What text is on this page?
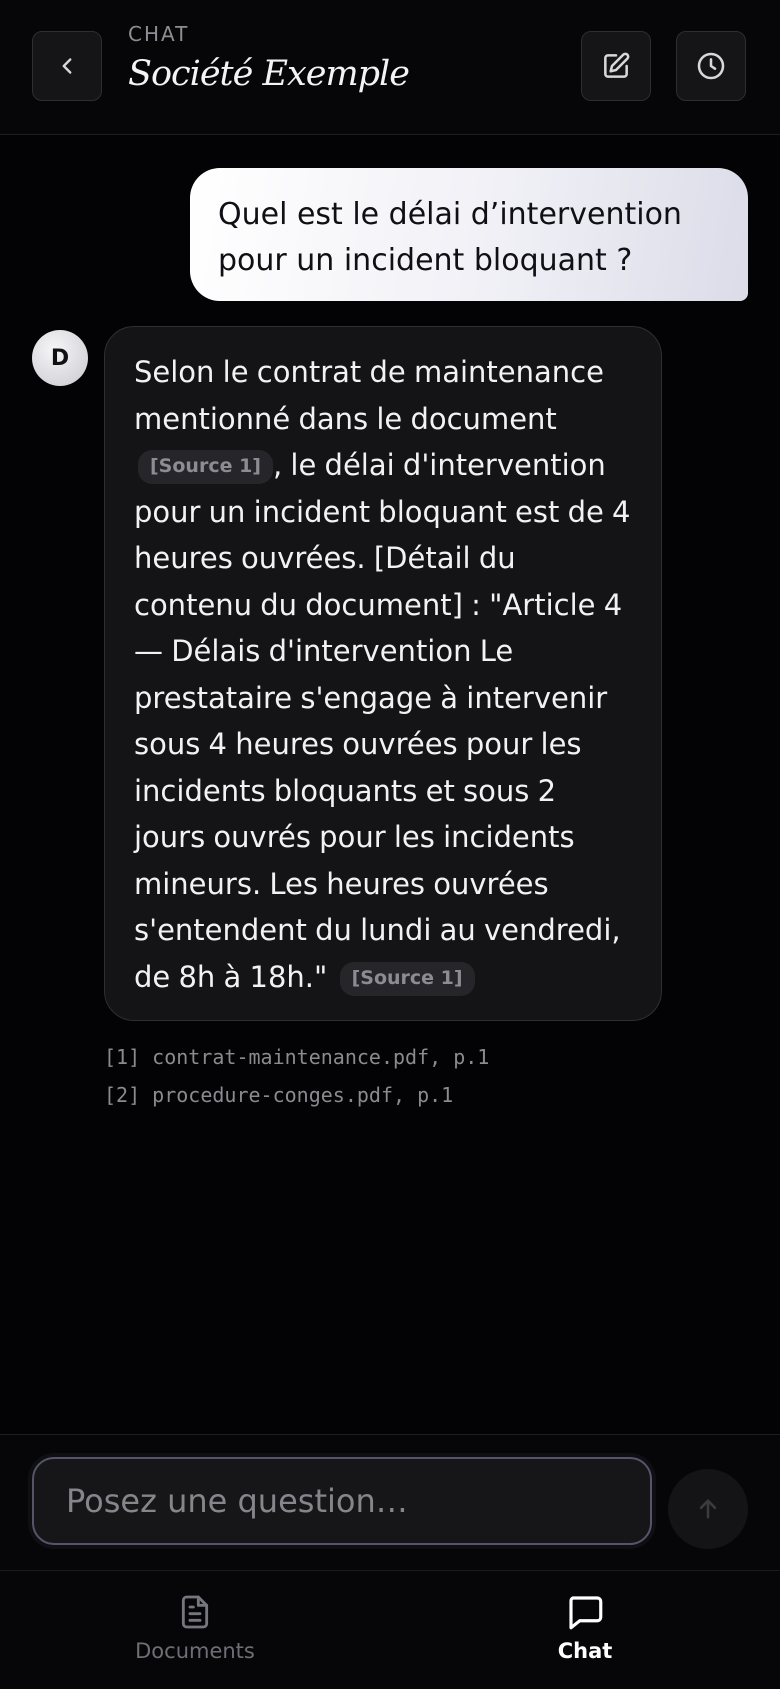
CHAT
Société Exemple
Quel est le délai d’intervention pour un incident bloquant ?
D	Selon le contrat de maintenance mentionné dans le document [Source 1] , le délai d'intervention pour un incident bloquant est de 4 heures ouvrées. [Détail du contenu du document] : "Article 4 — Délais d'intervention Le prestataire s'engage à intervenir sous 4 heures ouvrées pour les incidents bloquants et sous 2 jours ouvrés pour les incidents mineurs. Les heures ouvrées s'entendent du lundi au vendredi, de 8h à 18h." [Source 1]
[1] contrat-maintenance.pdf, p.1
[2] procedure-conges.pdf, p.1
Posez une question…
Documents	Chat
